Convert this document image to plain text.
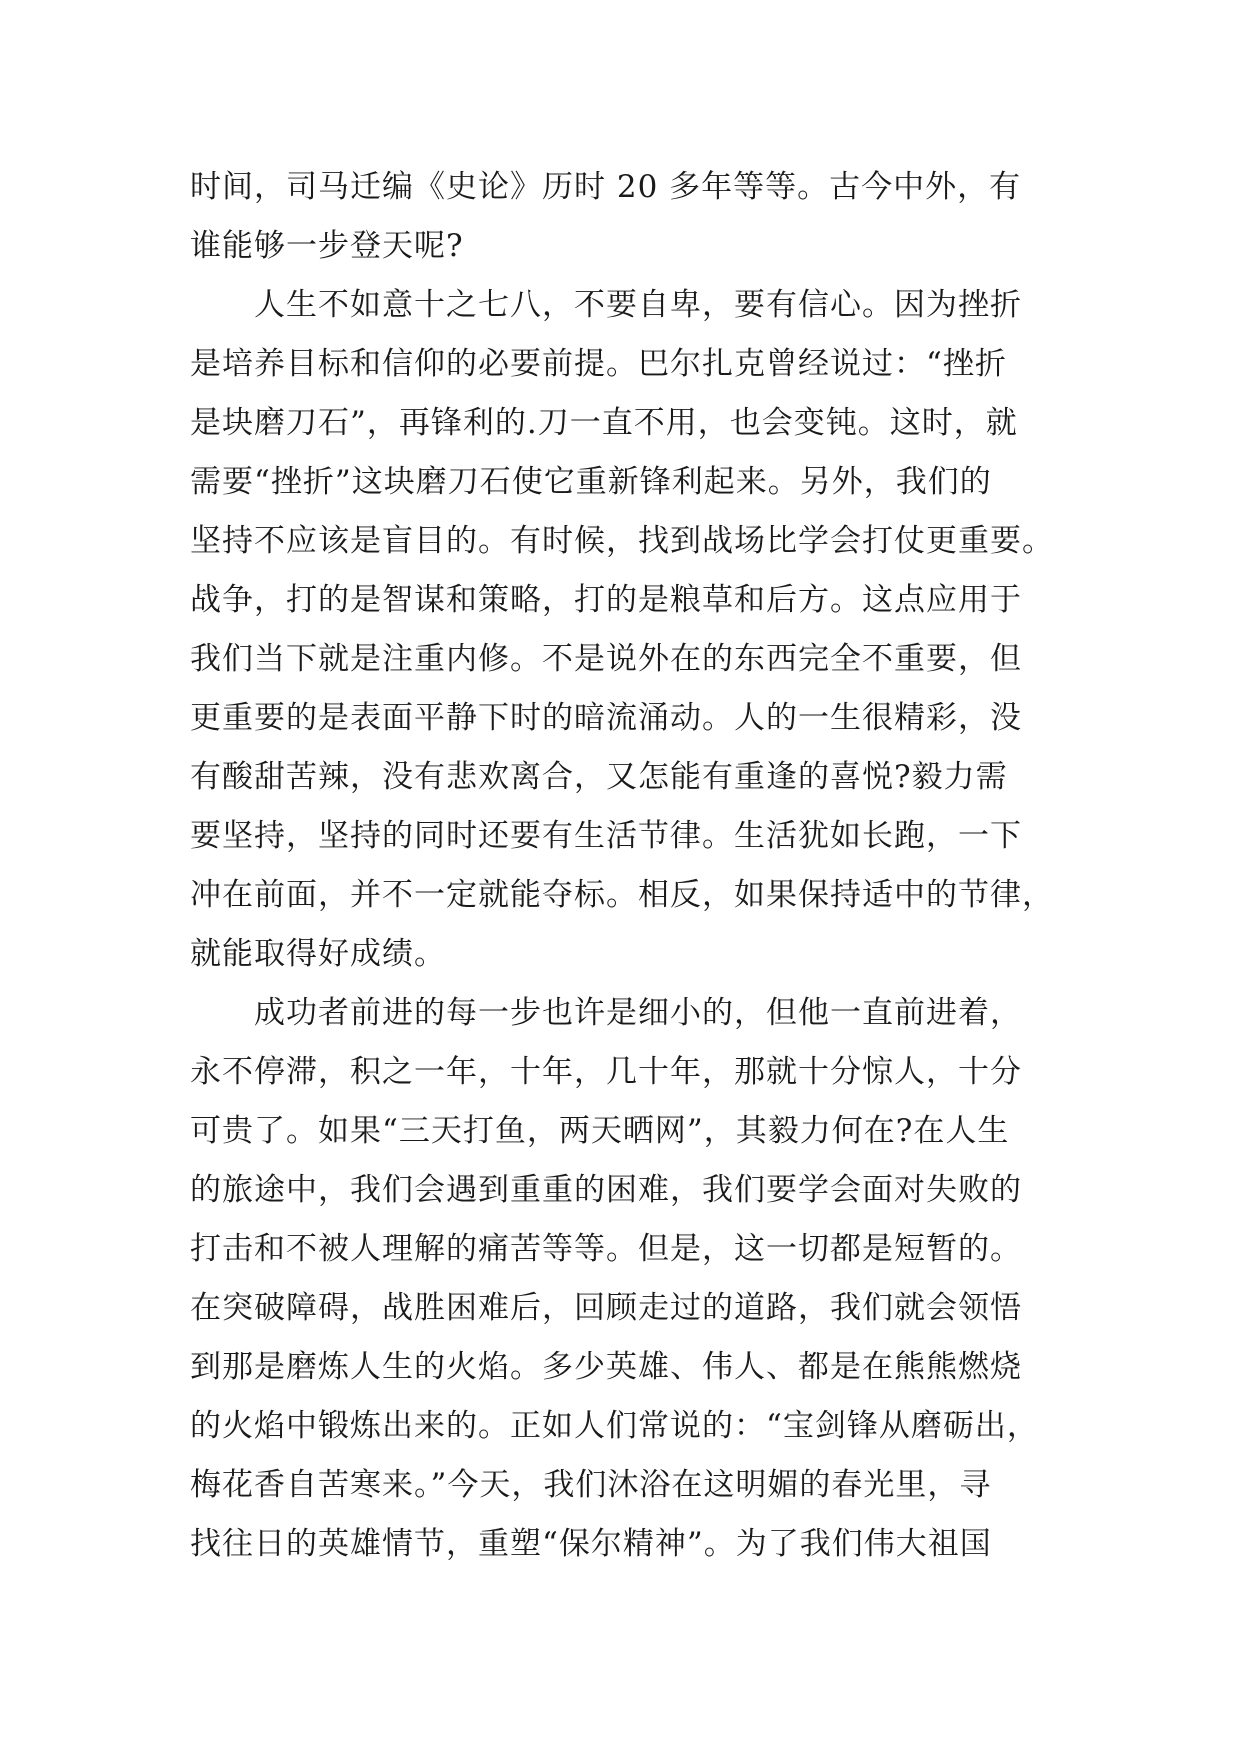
时间，司马迁编《史论》历时 20 多年等等。古今中外，有
谁能够一步登天呢?
人生不如意十之七八，不要自卑，要有信心。因为挫折
是培养目标和信仰的必要前提。巴尔扎克曾经说过：“挫折
是块磨刀石”，再锋利的.刀一直不用，也会变钝。这时，就
需要“挫折”这块磨刀石使它重新锋利起来。另外，我们的
坚持不应该是盲目的。有时候，找到战场比学会打仗更重要。
战争，打的是智谋和策略，打的是粮草和后方。这点应用于
我们当下就是注重内修。不是说外在的东西完全不重要，但
更重要的是表面平静下时的暗流涌动。人的一生很精彩，没
有酸甜苦辣，没有悲欢离合，又怎能有重逢的喜悦?毅力需
要坚持，坚持的同时还要有生活节律。生活犹如长跑，一下
冲在前面，并不一定就能夺标。相反，如果保持适中的节律，
就能取得好成绩。
成功者前进的每一步也许是细小的，但他一直前进着，
永不停滞，积之一年，十年，几十年，那就十分惊人，十分
可贵了。如果“三天打鱼，两天晒网”，其毅力何在?在人生
的旅途中，我们会遇到重重的困难，我们要学会面对失败的
打击和不被人理解的痛苦等等。但是，这一切都是短暂的。
在突破障碍，战胜困难后，回顾走过的道路，我们就会领悟
到那是磨炼人生的火焰。多少英雄、伟人、都是在熊熊燃烧
的火焰中锻炼出来的。正如人们常说的：“宝剑锋从磨砺出，
梅花香自苦寒来。”今天，我们沐浴在这明媚的春光里，寻
找往日的英雄情节，重塑“保尔精神”。为了我们伟大祖国
